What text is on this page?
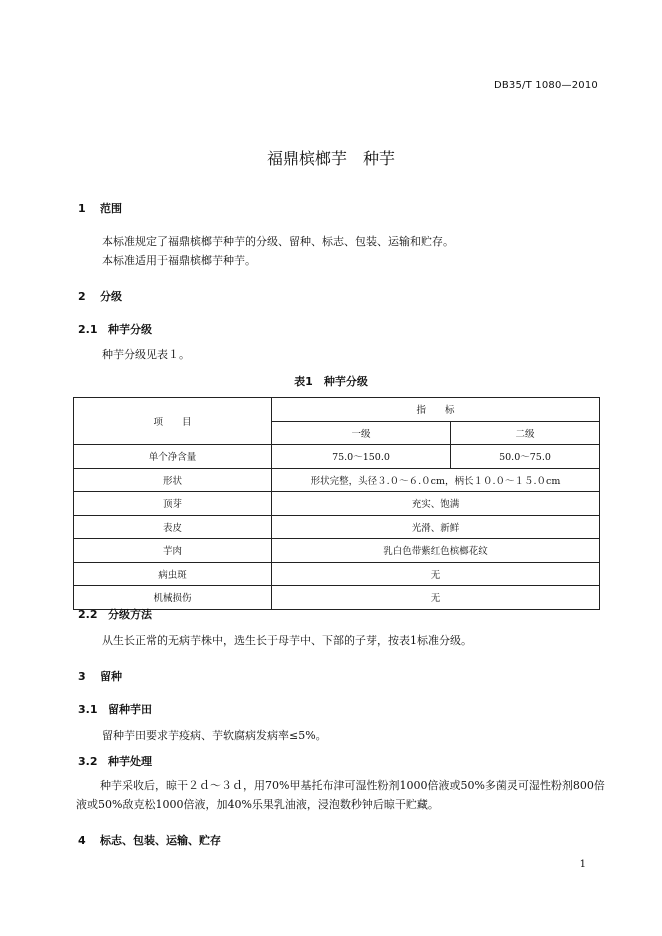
DB35/T 1080—2010
福鼎槟榔芋　种芋
1 范围
本标准规定了福鼎槟榔芋种芋的分级、留种、标志、包装、运输和贮存。
本标准适用于福鼎槟榔芋种芋。
2 分级
2.1 种芋分级
种芋分级见表１。
表1　种芋分级
项　　目	指　　标	
	一级	二级
单个净含量	75.0～150.0	50.0～75.0
形状	形状完整，头径３.０～６.０cm，柄长１０.０～１５.０cm	
顶芽	充实、饱满	
表皮	光滑、新鲜	
芋肉	乳白色带紫红色槟榔花纹	
病虫斑	无	
机械损伤	无	
2.2 分级方法
从生长正常的无病芋株中，选生长于母芋中、下部的子芽，按表1标准分级。
3 留种
3.1 留种芋田
留种芋田要求芋疫病、芋软腐病发病率≤5%。
3.2 种芋处理
种芋采收后，晾干２ｄ～３ｄ，用70%甲基托布津可湿性粉剂1000倍液或50%多菌灵可湿性粉剂800倍液或50%敌克松1000倍液，加40%乐果乳油液，浸泡数秒钟后晾干贮藏。
4 标志、包装、运输、贮存
1
